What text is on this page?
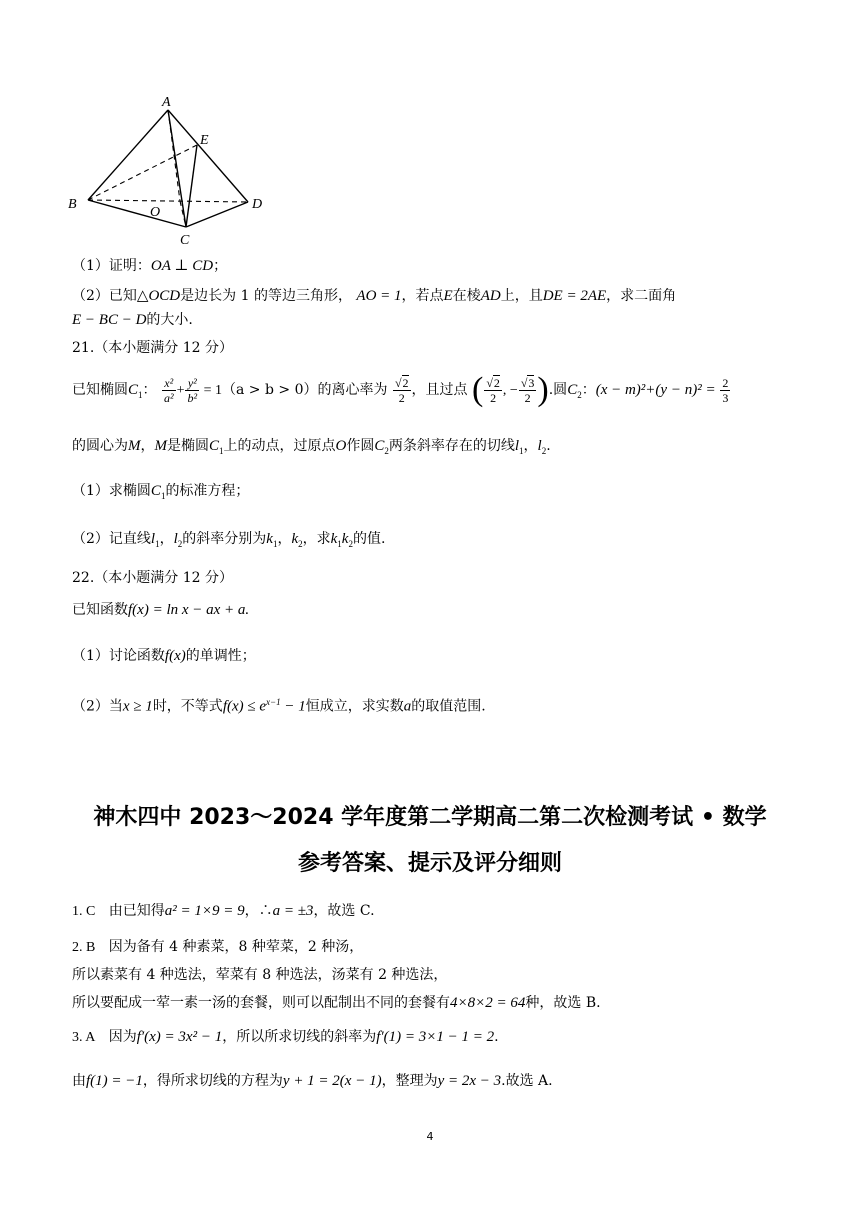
A
E
B	D
O
C
（1）证明：OA ⊥ CD；
（2）已知△OCD是边长为 1 的等边三角形， AO = 1，若点E在棱AD上，且DE = 2AE，求二面角
E − BC − D的大小.
21.（本小题满分 12 分）
已知椭圆$C_1$： $\frac{\text{x²}}{\text{a²}} + \frac{\text{y²}}{\text{b²}} = 1(a > b > 0)$的离心率为 $\frac{√2}{2}$ ，且过点 ( $\frac{√2}{2}$ , − $\frac{√3}{2}$ ).圆$C_2$：$(x - m)^2+(y - n)^2 = \frac{2}{3}$
的圆心为M，M是椭圆$C_1$上的动点，过原点O作圆$C_2$两条斜率存在的切线$l_1$，$l_2$.
（1）求椭圆$C_1$的标准方程；
（2）记直线$l_1$，$l_2$的斜率分别为$k_1$，$k_2$，求$k_1k_2$的值.
22.（本小题满分 12 分）
已知函数f(x) = ln x − ax + a.
（1）讨论函数f(x)的单调性；
（2）当x ≥ 1时，不等式$f(x) \le e^{x-1} - 1$恒成立，求实数a的取值范围.
神木四中 2023～2024 学年度第二学期高二第二次检测考试 • 数学
参考答案、提示及评分细则
1. C 由已知得a² = 1×9 = 9，∴a = ±3，故选 C.
2. B 因为备有 4 种素菜，8 种荤菜，2 种汤，
所以素菜有 4 种选法，荤菜有 8 种选法，汤菜有 2 种选法，
所以要配成一荤一素一汤的套餐，则可以配制出不同的套餐有4×8×2 = 64种，故选 B.
3. A 因为f′(x) = 3x² − 1，所以所求切线的斜率为f′(1) = 3×1 − 1 = 2.
由f(1) = −1，得所求切线的方程为y + 1 = 2(x − 1)，整理为y = 2x − 3.故选 A.
4
